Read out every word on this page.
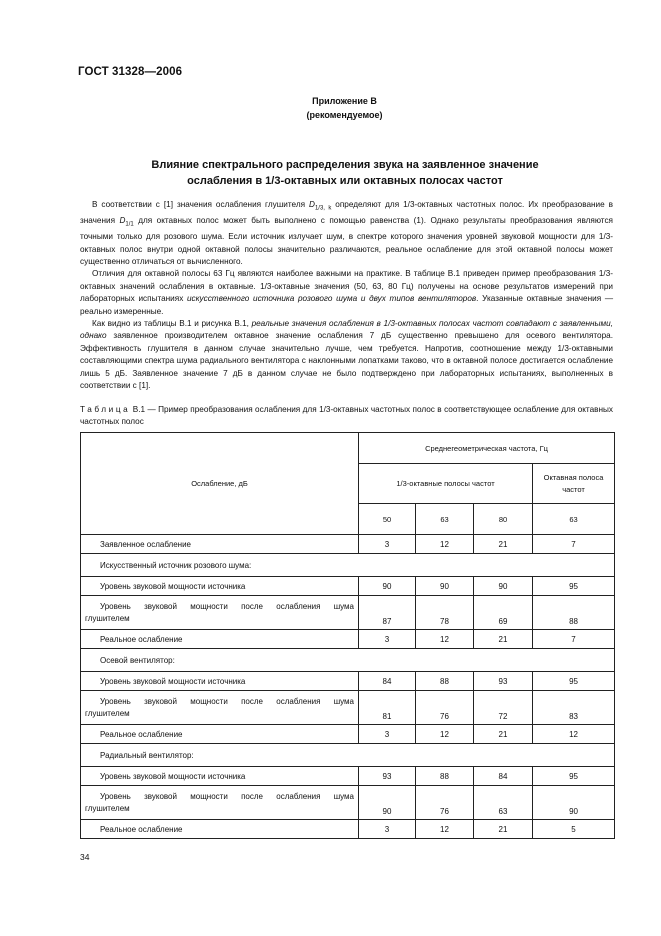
ГОСТ 31328—2006
Приложение В
(рекомендуемое)
Влияние спектрального распределения звука на заявленное значение
ослабления в 1/3-октавных или октавных полосах частот

В соответствии с [1] значения ослабления глушителя $D_{1/3, k}$ определяют для 1/3-октавных частотных полос. Их преобразование в значения $D_{1/1}$ для октавных полос может быть выполнено с помощью равенства (1). Однако результаты преобразования являются точными только для розового шума. Если источник излучает шум, в спектре которого значения уровней звуковой мощности для 1/3-октавных полос внутри одной октавной полосы значительно различаются, реальное ослабление для этой октавной полосы может существенно отличаться от вычисленного.

Отличия для октавной полосы 63 Гц являются наиболее важными на практике. В таблице В.1 приведен пример преобразования 1/3-октавных значений ослабления в октавные. 1/3-октавные значения (50, 63, 80 Гц) получены на основе результатов измерений при лабораторных испытаниях искусственного источника розового шума и двух типов вентиляторов. Указанные октавные значения — реально измеренные.

Как видно из таблицы В.1 и рисунка В.1, реальные значения ослабления в 1/3-октавных полосах частот совпадают с заявленными, однако заявленное производителем октавное значение ослабления 7 дБ существенно превышено для осевого вентилятора. Эффективность глушителя в данном случае значительно лучше, чем требуется. Напротив, соотношение между 1/3-октавными составляющими спектра шума радиального вентилятора с наклонными лопатками таково, что в октавной полосе достигается ослабление лишь 5 дБ. Заявленное значение 7 дБ в данном случае не было подтверждено при лабораторных испытаниях, выполненных в соответствии с [1].

Таблица В.1 — Пример преобразования ослабления для 1/3-октавных частотных полос в соответствующее ослабление для октавных частотных полос
Ослабление, дБ	Среднегеометрическая частота, Гц			
	1/3-октавные полосы частот			Октавная полоса частот
	50	63	80	63
Заявленное ослабление	3	12	21	7
Искусственный источник розового шума:				
Уровень звуковой мощности источника	90	90	90	95

Уровень звуковой мощности после ослабления шума
глушителем	87	78	69	88
Реальное ослабление	3	12	21	7
Осевой вентилятор:				
Уровень звуковой мощности источника	84	88	93	95

Уровень звуковой мощности после ослабления шума
глушителем	81	76	72	83
Реальное ослабление	3	12	21	12
Радиальный вентилятор:				
Уровень звуковой мощности источника	93	88	84	95

Уровень звуковой мощности после ослабления шума
глушителем	90	76	63	90
Реальное ослабление	3	12	21	5
34
